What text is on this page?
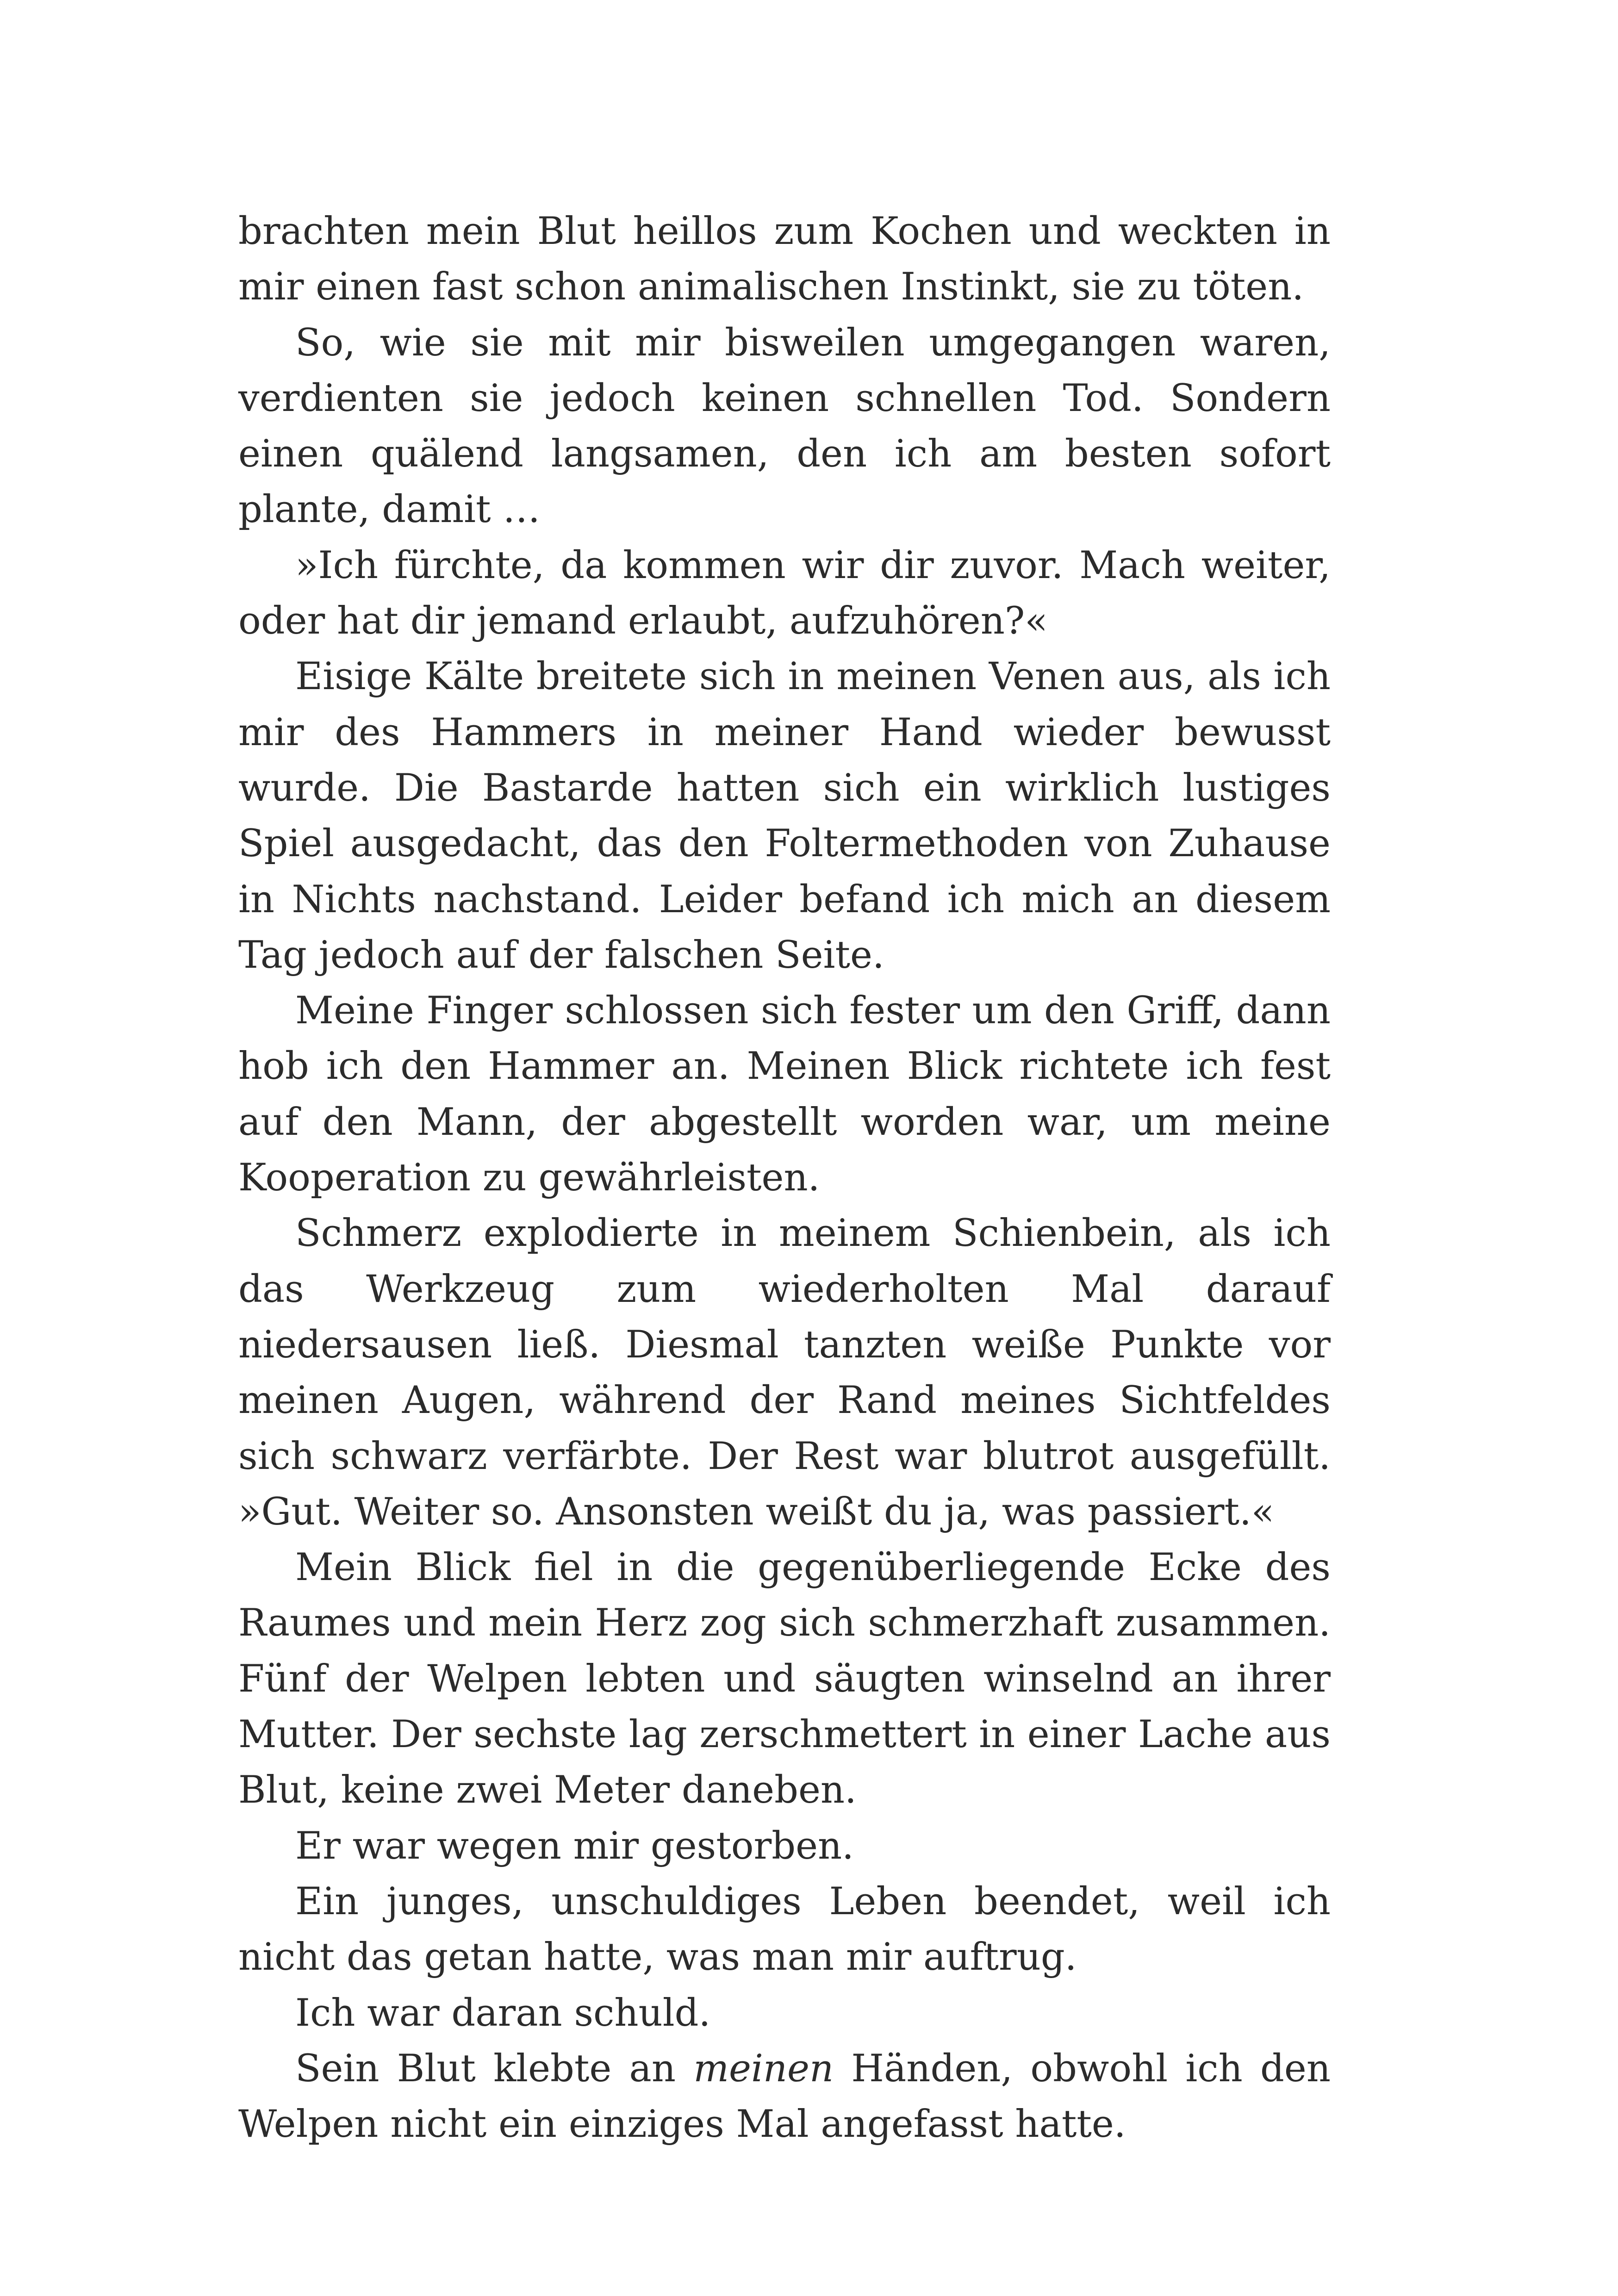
brachten mein Blut heillos zum Kochen und weckten in mir einen fast schon animalischen Instinkt, sie zu töten.

So, wie sie mit mir bisweilen umgegangen waren, verdienten sie jedoch keinen schnellen Tod. Sondern einen quälend langsamen, den ich am besten sofort plante, damit …

»Ich fürchte, da kommen wir dir zuvor. Mach weiter, oder hat dir jemand erlaubt, aufzuhören?«

Eisige Kälte breitete sich in meinen Venen aus, als ich mir des Hammers in meiner Hand wieder bewusst wurde. Die Bastarde hatten sich ein wirklich lustiges Spiel ausgedacht, das den Foltermethoden von Zuhause in Nichts nachstand. Leider befand ich mich an diesem Tag jedoch auf der falschen Seite.

Meine Finger schlossen sich fester um den Griff, dann hob ich den Hammer an. Meinen Blick richtete ich fest auf den Mann, der abgestellt worden war, um meine Kooperation zu gewährleisten.

Schmerz explodierte in meinem Schienbein, als ich das Werkzeug zum wiederholten Mal darauf niedersausen ließ. Diesmal tanzten weiße Punkte vor meinen Augen, während der Rand meines Sichtfeldes sich schwarz verfärbte. Der Rest war blutrot ausgefüllt. »Gut. Weiter so. Ansonsten weißt du ja, was passiert.«

Mein Blick fiel in die gegenüberliegende Ecke des Raumes und mein Herz zog sich schmerzhaft zusammen. Fünf der Welpen lebten und säugten winselnd an ihrer Mutter. Der sechste lag zerschmettert in einer Lache aus Blut, keine zwei Meter daneben.

Er war wegen mir gestorben.

Ein junges, unschuldiges Leben beendet, weil ich nicht das getan hatte, was man mir auftrug.

Ich war daran schuld.

Sein Blut klebte an meinen Händen, obwohl ich den Welpen nicht ein einziges Mal angefasst hatte.
